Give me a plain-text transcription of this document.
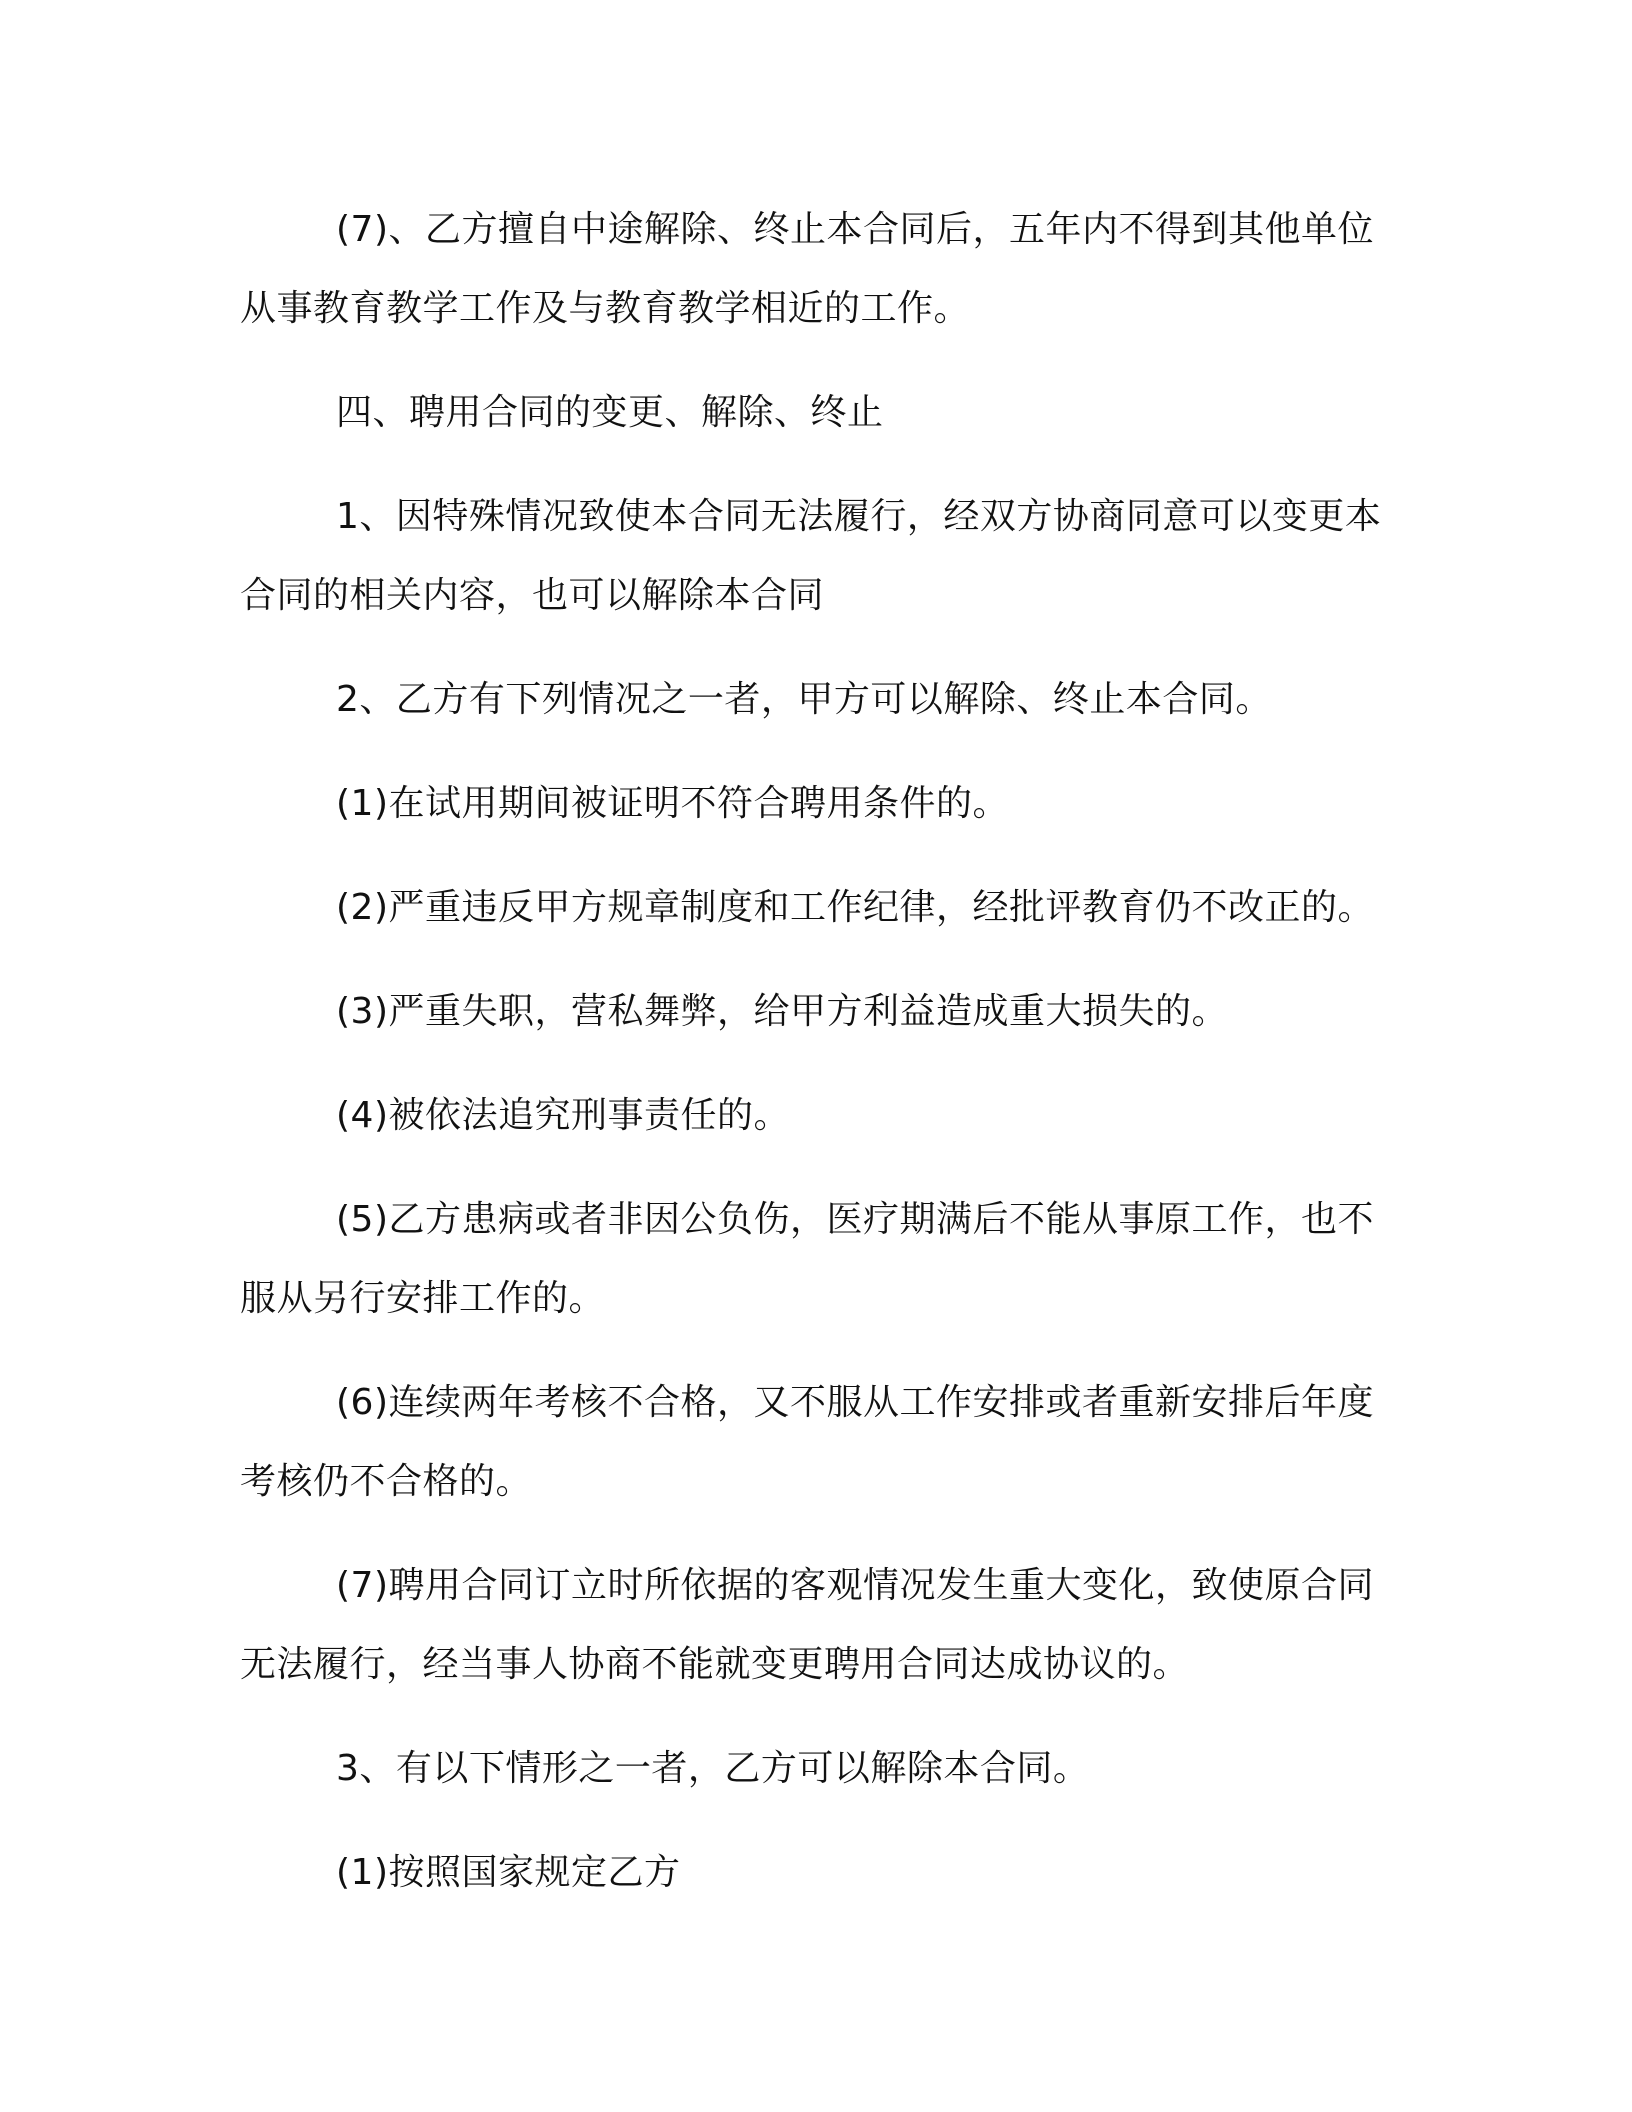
(7)、乙方擅自中途解除、终止本合同后，五年内不得到其他单位从事教育教学工作及与教育教学相近的工作。

四、聘用合同的变更、解除、终止

1、因特殊情况致使本合同无法履行，经双方协商同意可以变更本合同的相关内容，也可以解除本合同

2、乙方有下列情况之一者，甲方可以解除、终止本合同。

(1)在试用期间被证明不符合聘用条件的。

(2)严重违反甲方规章制度和工作纪律，经批评教育仍不改正的。

(3)严重失职，营私舞弊，给甲方利益造成重大损失的。

(4)被依法追究刑事责任的。

(5)乙方患病或者非因公负伤，医疗期满后不能从事原工作，也不服从另行安排工作的。

(6)连续两年考核不合格，又不服从工作安排或者重新安排后年度考核仍不合格的。

(7)聘用合同订立时所依据的客观情况发生重大变化，致使原合同无法履行，经当事人协商不能就变更聘用合同达成协议的。

3、有以下情形之一者，乙方可以解除本合同。

(1)按照国家规定乙方
